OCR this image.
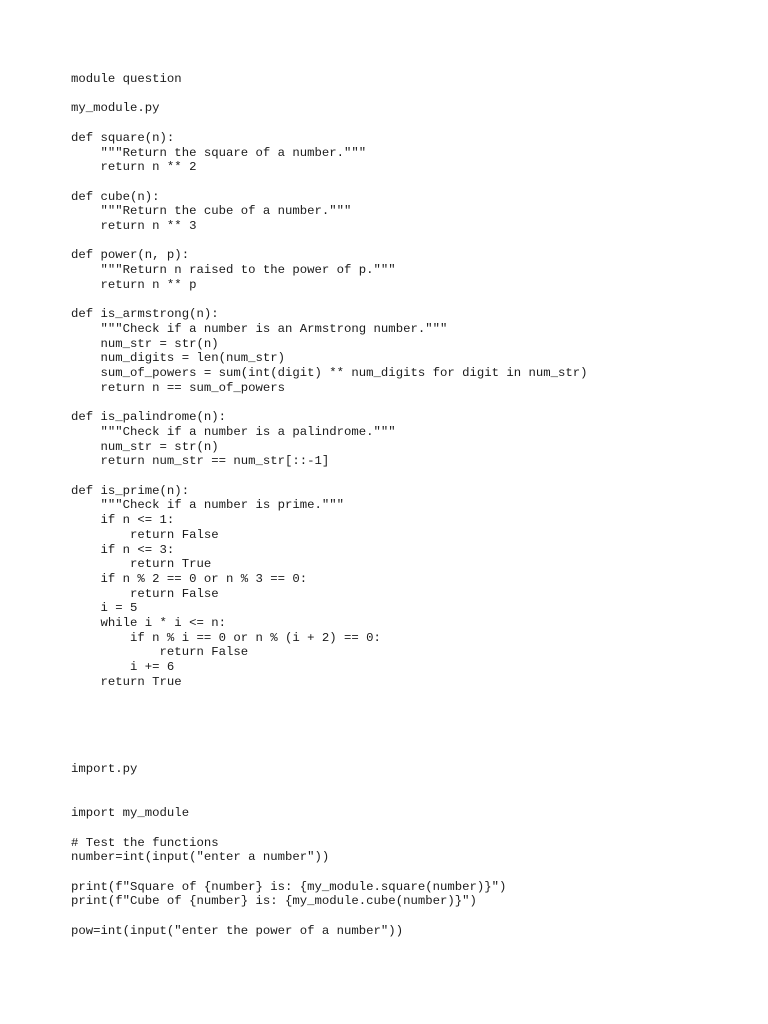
module question

my_module.py

def square(n):
"""Return the square of a number."""
return n ** 2

def cube(n):
"""Return the cube of a number."""
return n ** 3

def power(n, p):
"""Return n raised to the power of p."""
return n ** p

def is_armstrong(n):
"""Check if a number is an Armstrong number."""
num_str = str(n)
num_digits = len(num_str)
sum_of_powers = sum(int(digit) ** num_digits for digit in num_str)
return n == sum_of_powers

def is_palindrome(n):
"""Check if a number is a palindrome."""
num_str = str(n)
return num_str == num_str[::-1]

def is_prime(n):
"""Check if a number is prime."""
if n <= 1:
return False
if n <= 3:
return True
if n % 2 == 0 or n % 3 == 0:
return False
i = 5
while i * i <= n:
if n % i == 0 or n % (i + 2) == 0:
return False
i += 6
return True
import.py

import my_module

# Test the functions
number=int(input("enter a number"))

print(f"Square of {number} is: {my_module.square(number)}")
print(f"Cube of {number} is: {my_module.cube(number)}")

pow=int(input("enter the power of a number"))
